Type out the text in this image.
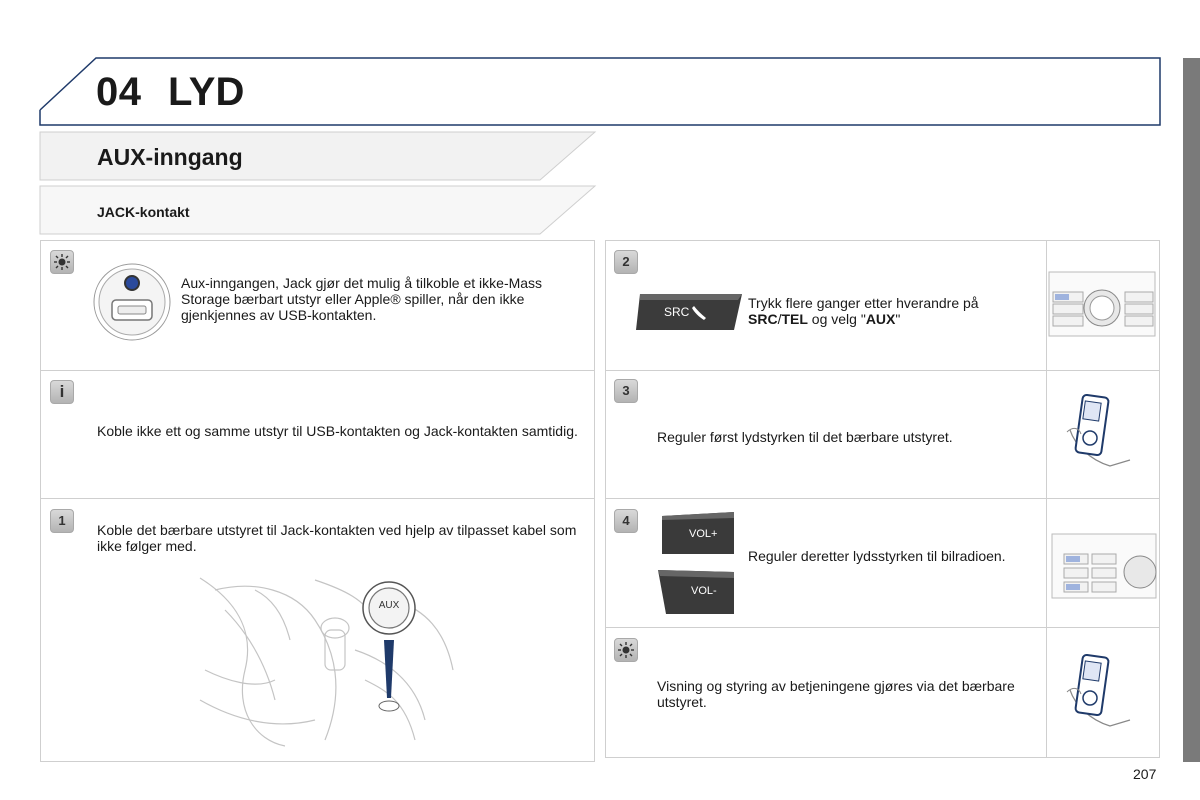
04 LYD
AUX-inngang
JACK-kontakt
Aux-inngangen, Jack gjør det mulig å tilkoble et ikke-Mass Storage bærbart utstyr eller Apple® spiller, når den ikke gjenkjennes av USB-kontakten.
i
Koble ikke ett og samme utstyr til USB-kontakten og Jack-kontakten samtidig.
1
Koble det bærbare utstyret til Jack-kontakten ved hjelp av tilpasset kabel som ikke følger med.
AUX
2
SRC
Trykk flere ganger etter hverandre på SRC/TEL og velg "AUX"
3
Reguler først lydstyrken til det bærbare utstyret.
4
VOL+
VOL-
Reguler deretter lydsstyrken til bilradioen.
Visning og styring av betjeningene gjøres via det bærbare utstyret.
207
